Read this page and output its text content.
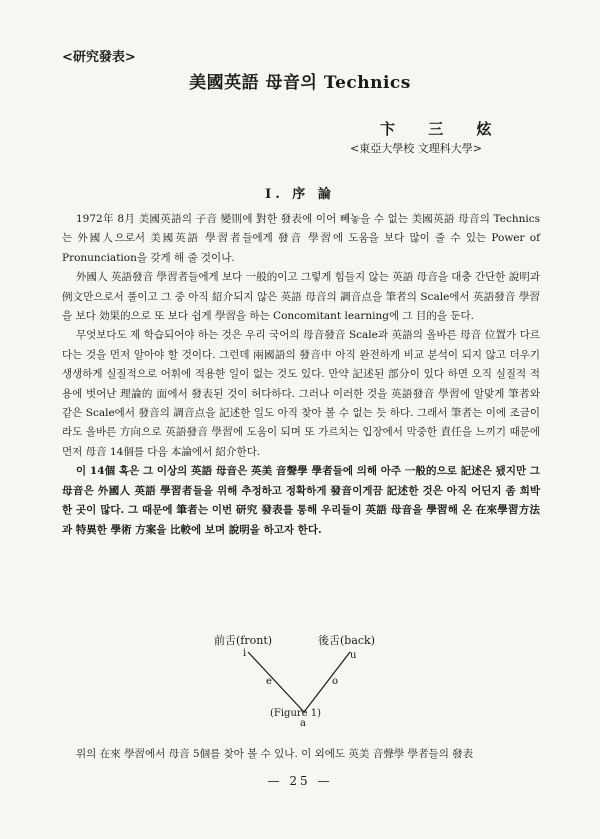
<研究發表>
美國英語 母音의 Technics
卞 三 炫
<東亞大學校 文理科大學>
I. 序 論

1972年 8月 美國英語의 子音 變則에 對한 發表에 이어 빼놓을 수 없는 美國英語 母音의 Technics는 外國人으로서 美國英語 學習者들에게 發音 學習에 도움을 보다 많이 줄 수 있는 Power of Pronunciation을 갖게 해 줄 것이나.

外國人 英語發音 學習者들에게 보다 一般的이고 그렇게 힘들지 않는 英語 母音을 대충 간단한 說明과 例文만으로서 풀이고 그 중 아직 紹介되지 않은 英語 母音의 調音点을 筆者의 Scale에서 英語發音 學習을 보다 効果的으로 또 보다 쉽게 學習을 하는 Concomitant learning에 그 目的을 둔다.

무엇보다도 제 학습되어야 하는 것은 우리 국어의 母音發音 Scale과 英語의 올바른 母音 位置가 다르다는 것을 먼저 알아야 할 것이다. 그런데 兩國語의 發音中 아직 완전하게 비교 분석이 되지 않고 더우기 생생하게 실질적으로 어휘에 적용한 일이 없는 것도 있다. 만약 記述된 部分이 있다 하면 오직 실질적 적용에 벗어난 理論的 面에서 發表된 것이 허다하다. 그러나 이러한 것을 英語發音 學習에 알맞게 筆者와 같은 Scale에서 發音의 調音点을 記述한 일도 아직 찾아 볼 수 없는 듯 하다. 그래서 筆者는 이에 조금이라도 올바른 方向으로 英語發音 學習에 도움이 되며 또 가르치는 입장에서 막중한 責任을 느끼기 때문에 먼저 母音 14個를 다음 本論에서 紹介한다.

이 14個 혹은 그 이상의 英語 母音은 英美 音聲學 學者들에 의해 아주 一般的으로 記述은 됐지만 그 母音은 外國人 英語 學習者들을 위해 추정하고 정확하게 發音이게끔 記述한 것은 아직 어딘지 좀 희박한 곳이 많다. 그 때문에 筆者는 이번 研究 發表를 통해 우리들이 英語 母音을 學習해 온 在來學習方法과 特異한 學術 方案을 比較에 보며 說明을 하고자 한다.

前舌(front)	後舌(back)
i	u
e	o
a
(Figure 1)
위의 在來 學習에서 母音 5個를 찾아 볼 수 있나. 이 외에도 英美 音聲學 學者들의 發表
— 25 —
